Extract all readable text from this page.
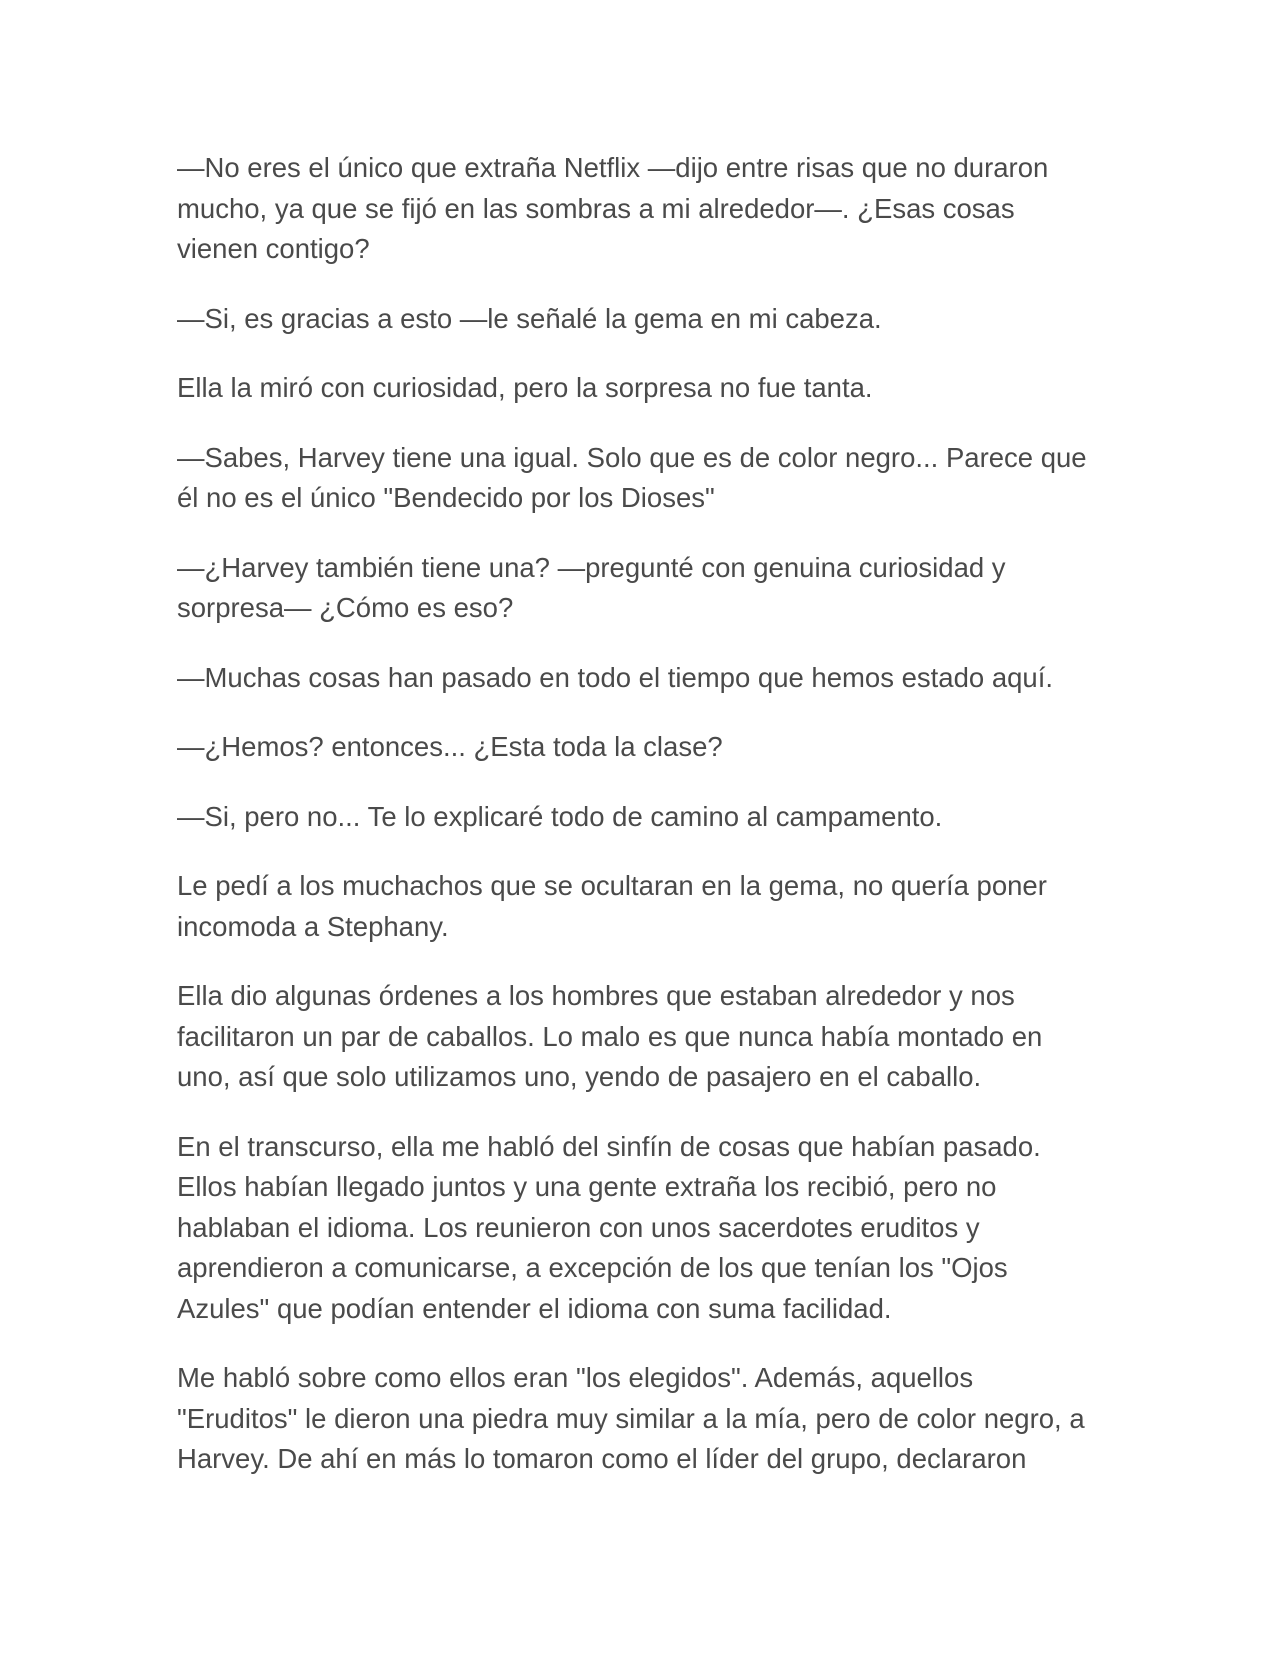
—No eres el único que extraña Netflix —dijo entre risas que no duraron mucho, ya que se fijó en las sombras a mi alrededor—. ¿Esas cosas vienen contigo?

—Si, es gracias a esto —le señalé la gema en mi cabeza.

Ella la miró con curiosidad, pero la sorpresa no fue tanta.

—Sabes, Harvey tiene una igual. Solo que es de color negro... Parece que él no es el único "Bendecido por los Dioses"

—¿Harvey también tiene una? —pregunté con genuina curiosidad y sorpresa— ¿Cómo es eso?

—Muchas cosas han pasado en todo el tiempo que hemos estado aquí.

—¿Hemos? entonces... ¿Esta toda la clase?

—Si, pero no... Te lo explicaré todo de camino al campamento.

Le pedí a los muchachos que se ocultaran en la gema, no quería poner incomoda a Stephany.

Ella dio algunas órdenes a los hombres que estaban alrededor y nos facilitaron un par de caballos. Lo malo es que nunca había montado en uno, así que solo utilizamos uno, yendo de pasajero en el caballo.

En el transcurso, ella me habló del sinfín de cosas que habían pasado. Ellos habían llegado juntos y una gente extraña los recibió, pero no hablaban el idioma. Los reunieron con unos sacerdotes eruditos y aprendieron a comunicarse, a excepción de los que tenían los "Ojos Azules" que podían entender el idioma con suma facilidad.

Me habló sobre como ellos eran "los elegidos". Además, aquellos "Eruditos" le dieron una piedra muy similar a la mía, pero de color negro, a Harvey. De ahí en más lo tomaron como el líder del grupo, declararon
